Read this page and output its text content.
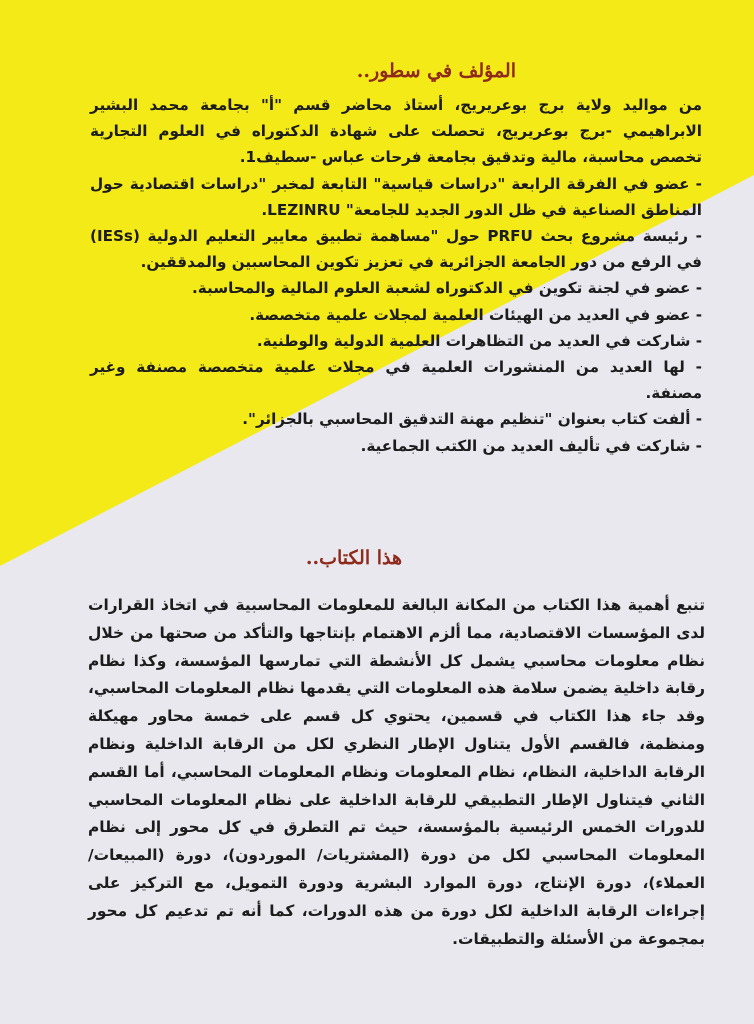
المؤلف في سطور..

من مواليد ولاية برج بوعريريج، أستاذ محاضر قسم "أ" بجامعة محمد البشير الابراهيمي -برج بوعريريج، تحصلت على شهادة الدكتوراه في العلوم التجارية تخصص محاسبة، مالية وتدقيق بجامعة فرحات عباس -سطيف1.

- عضو في الفرقة الرابعة "دراسات قياسية" التابعة لمخبر "دراسات اقتصادية حول المناطق الصناعية في ظل الدور الجديد للجامعة" LEZINRU.

- رئيسة مشروع بحث PRFU حول "مساهمة تطبيق معايير التعليم الدولية (IESs) في الرفع من دور الجامعة الجزائرية في تعزيز تكوين المحاسبين والمدققين.

- عضو في لجنة تكوين في الدكتوراه لشعبة العلوم المالية والمحاسبة.

- عضو في العديد من الهيئات العلمية لمجلات علمية متخصصة.

- شاركت في العديد من التظاهرات العلمية الدولية والوطنية.

- لها العديد من المنشورات العلمية في مجلات علمية متخصصة مصنفة وغير مصنفة.

- ألفت كتاب بعنوان "تنظيم مهنة التدقيق المحاسبي بالجزائر".

- شاركت في تأليف العديد من الكتب الجماعية.

هذا الكتاب..

تنبع أهمية هذا الكتاب من المكانة البالغة للمعلومات المحاسبية في اتخاذ القرارات لدى المؤسسات الاقتصادية، مما ألزم الاهتمام بإنتاجها والتأكد من صحتها من خلال نظام معلومات محاسبي يشمل كل الأنشطة التي تمارسها المؤسسة، وكذا نظام رقابة داخلية يضمن سلامة هذه المعلومات التي يقدمها نظام المعلومات المحاسبي، وقد جاء هذا الكتاب في قسمين، يحتوي كل قسم على خمسة محاور مهيكلة ومنظمة، فالقسم الأول يتناول الإطار النظري لكل من الرقابة الداخلية ونظام الرقابة الداخلية، النظام، نظام المعلومات ونظام المعلومات المحاسبي، أما القسم الثاني فيتناول الإطار التطبيقي للرقابة الداخلية على نظام المعلومات المحاسبي للدورات الخمس الرئيسية بالمؤسسة، حيث تم التطرق في كل محور إلى نظام المعلومات المحاسبي لكل من دورة (المشتريات/ الموردون)، دورة (المبيعات/ العملاء)، دورة الإنتاج، دورة الموارد البشرية ودورة التمويل، مع التركيز على إجراءات الرقابة الداخلية لكل دورة من هذه الدورات، كما أنه تم تدعيم كل محور بمجموعة من الأسئلة والتطبيقات.
